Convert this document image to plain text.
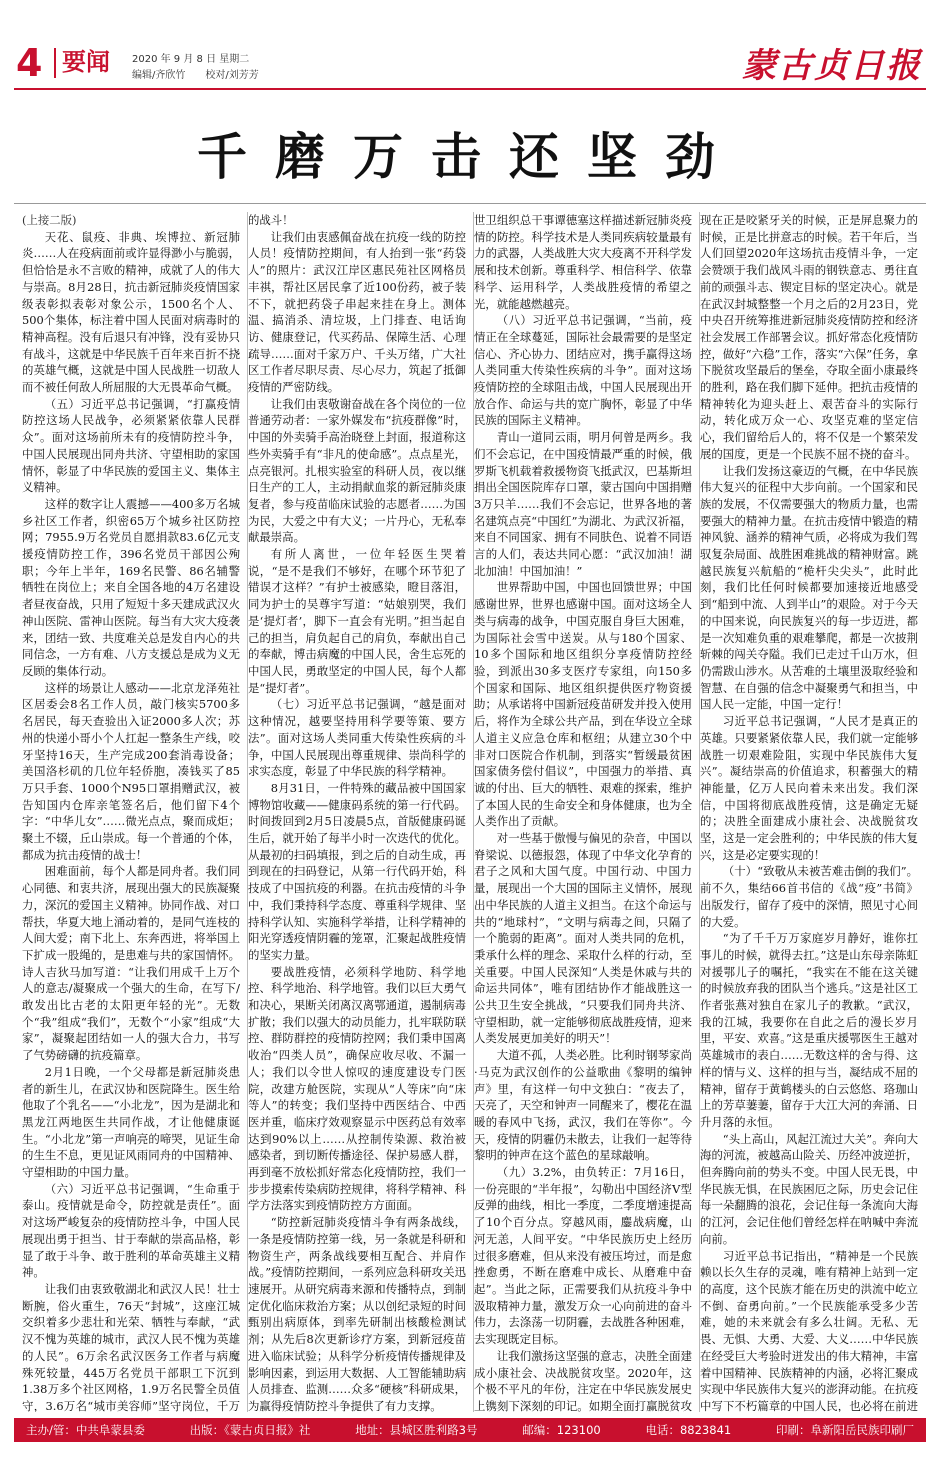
4 要闻 2020 年 9 月 8 日 星期二
编辑/齐欣竹　　校对/刘芳芳	蒙古贞日报
千磨万击还坚劲

(上接二版)

天花、鼠疫、非典、埃博拉、新冠肺炎……人在疫病面前或许显得渺小与脆弱，但恰恰是永不言败的精神，成就了人的伟大与崇高。8月28日，抗击新冠肺炎疫情国家级表彰拟表彰对象公示，1500名个人、500个集体，标注着中国人民面对病毒时的精神高程。没有后退只有冲锋，没有妥协只有战斗，这就是中华民族千百年来百折不挠的英雄气概，这就是中国人民战胜一切敌人而不被任何敌人所屈服的大无畏革命气概。

（五）习近平总书记强调，“打赢疫情防控这场人民战争，必须紧紧依靠人民群众”。面对这场前所未有的疫情防控斗争，中国人民展现出同舟共济、守望相助的家国情怀，彰显了中华民族的爱国主义、集体主义精神。

这样的数字让人震撼——400多万名城乡社区工作者，织密65万个城乡社区防控网；7955.9万名党员自愿捐款83.6亿元支援疫情防控工作，396名党员干部因公殉职；今年上半年，169名民警、86名辅警牺牲在岗位上；来自全国各地的4万名建设者昼夜奋战，只用了短短十多天建成武汉火神山医院、雷神山医院。每当有大灾大疫袭来，团结一致、共度难关总是发自内心的共同信念，一方有难、八方支援总是成为义无反顾的集体行动。

这样的场景让人感动——北京龙泽苑社区居委会8名工作人员，敲门核实5700多名居民，每天查验出入证2000多人次；苏州的快递小哥小个人扛起一整条生产线，咬牙坚持16天，生产完成200套消毒设备；美国洛杉矶的几位年轻侨胞，凑钱买了85万只手套、1000个N95口罩捐赠武汉，被告知国内仓库亲笔签名后，他们留下4个字：“中华儿女”……微光点点，聚而成炬；聚土不辍，丘山崇成。每一个普通的个体，都成为抗击疫情的战士！

困难面前，每个人都是同舟者。我们同心同德、和衷共济，展现出强大的民族凝聚力，深沉的爱国主义精神。协同作战、对口帮扶，华夏大地上涌动着的，是同气连枝的人间大爱；南下北上、东奔西进，将举国上下扩成一股绳的，是患难与共的家国情怀。诗人吉狄马加写道：“让我们用成千上万个人的意志/凝聚成一个强大的生命，在写下/敢发出比古老的太阳更年轻的光”。无数个“我”组成“我们”，无数个“小家”组成“大家”，凝聚起团结如一人的强大合力，书写了气势磅礴的抗疫篇章。

2月1日晚，一个父母都是新冠肺炎患者的新生儿，在武汉协和医院降生。医生给他取了个乳名——“小北龙”，因为是湖北和黑龙江两地医生共同作战，才让他健康诞生。“小北龙”第一声响亮的啼哭，见证生命的生生不息，更见证风雨同舟的中国精神、守望相助的中国力量。

（六）习近平总书记强调，“生命重于泰山。疫情就是命令，防控就是责任”。面对这场严峻复杂的疫情防控斗争，中国人民展现出勇于担当、甘于奉献的崇高品格，彰显了敢于斗争、敢于胜利的革命英雄主义精神。

让我们由衷致敬湖北和武汉人民！壮士断腕，俗火重生，76天“封城”，这座江城交织着多少悲壮和光荣、牺牲与奉献，“武汉不愧为英雄的城市，武汉人民不愧为英雄的人民”。6万余名武汉医务工作者与病魔殊死较量，445万名党员干部职工下沉到1.38万多个社区网格，1.9万名民警全员值守，3.6万名“城市美容师”坚守岗位，千万

的战斗！

让我们由衷感佩奋战在抗疫一线的防控人员！疫情防控期间，有人抬到一张“药袋人”的照片：武汉江岸区惠民苑社区网格员丰祺，帮社区居民拿了近100份药，被子装不下，就把药袋子串起来挂在身上。测体温、搞消杀、清垃圾，上门排查、电话询访、健康登记，代买药品、保障生活、心理疏导……面对千家万户、千头万绪，广大社区工作者尽职尽责、尽心尽力，筑起了抵御疫情的严密防线。

让我们由衷敬谢奋战在各个岗位的一位普通劳动者：一家外媒发布“抗疫群像”时，中国的外卖骑手高治晓登上封面，报道称这些外卖骑手有“非凡的使命感”。点点星光，点亮银河。扎根实验室的科研人员，夜以继日生产的工人，主动捐献血浆的新冠肺炎康复者，参与疫苗临床试验的志愿者……为国为民，大爱之中有大义；一片丹心，无私奉献最崇高。

有所人离世，一位年轻医生哭着说，“是不是我们不够好，在哪个环节犯了错误才这样？”有护士被感染，瞪目落泪，同为护士的吴尊宇写道：“姑娘别哭，我们是‘提灯者’，脚下一直会有光明。”担当起自己的担当，肩负起自己的肩负，奉献出自己的奉献，博击病魔的中国人民，舍生忘死的中国人民，勇敢坚定的中国人民，每个人都是“提灯者”。

（七）习近平总书记强调，“越是面对这种情况，越要坚持用科学要等策、要方法”。面对这场人类同重大传染性疾病的斗争，中国人民展现出尊重规律、崇尚科学的求实态度，彰显了中华民族的科学精神。

8月31日，一件特殊的藏品被中国国家博物馆收藏——健康码系统的第一行代码。时间拨回到2月5日凌晨5点，首版健康码诞生后，就开始了每半小时一次迭代的优化。从最初的扫码填报，到之后的自动生成，再到现在的扫码登记，从第一行代码开始，科技成了中国抗疫的利器。在抗击疫情的斗争中，我们秉持科学态度、尊重科学规律、坚持科学认知、实施科学举措，让科学精神的阳光穿透疫情阴霾的笼罩，汇聚起战胜疫情的坚实力量。

要战胜疫情，必须科学地防、科学地控、科学地治、科学地管。我们以巨大勇气和决心，果断关闭离汉离鄂通道，遏制病毒扩散；我们以强大的动员能力，扎牢联防联控、群防群控的疫情防控网；我们秉申国离收治“四类人员”，确保应收尽收、不漏一人；我们以令世人惊叹的速度建设专门医院，改建方舱医院，实现从“人等床”向“床等人”的转变；我们坚持中西医结合、中西医并重，临床疗效观察显示中医药总有效率达到90%以上……从控制传染源、救治被感染者，到切断传播途径、保护易感人群，再到毫不放松抓好常态化疫情防控，我们一步步摸索传染病防控规律，将科学精神、科学方法落实到疫情防控方方面面。

“防控新冠肺炎疫情斗争有两条战线，一条是疫情防控第一线，另一条就是科研和物资生产，两条战线要相互配合、并肩作战。”疫情防控期间，一系列应急科研攻关迅速展开。从研究病毒来源和传播特点，到制定优化临床救治方案；从以创纪录短的时间甄别出病原体，到率先研制出核酸检测试剂；从先后8次更新诊疗方案，到新冠疫苗进入临床试验；从科学分析疫情传播规律及影响因素，到运用大数据、人工智能辅助病人员排查、监测……众多“硬核”科研成果，为赢得疫情防控斗争提供了有力支撑。

世卫组织总干事谭德塞这样描述新冠肺炎疫情的防控。科学技术是人类同疾病较量最有力的武器，人类战胜大灾大疫离不开科学发展和技术创新。尊重科学、相信科学、依靠科学、运用科学，人类战胜疫情的希望之光，就能越燃越亮。

（八）习近平总书记强调，“当前，疫情正在全球蔓延，国际社会最需要的是坚定信心、齐心协力、团结应对，携手赢得这场人类同重大传染性疾病的斗争”。面对这场疫情防控的全球阻击战，中国人民展现出开放合作、命运与共的宽广胸怀，彰显了中华民族的国际主义精神。

青山一道同云雨，明月何曾是两乡。我们不会忘记，在中国疫情最严重的时候，俄罗斯飞机载着救援物资飞抵武汉，巴基斯坦捐出全国医院库存口罩，蒙古国向中国捐赠3万只羊……我们不会忘记，世界各地的著名建筑点亮“中国红”为湖北、为武汉祈福，来自不同国家、拥有不同肤色、说着不同语言的人们，表达共同心愿：“武汉加油！湖北加油！中国加油！”

世界帮助中国，中国也回馈世界；中国感谢世界，世界也感谢中国。面对这场全人类与病毒的战争，中国克服自身巨大困难，为国际社会雪中送炭。从与180个国家、10多个国际和地区组织分享疫情防控经验，到派出30多支医疗专家组，向150多个国家和国际、地区组织提供医疗物资援助；从承诺将中国新冠疫苗研发并投入使用后，将作为全球公共产品，到在华设立全球人道主义应急仓库和枢纽；从建立30个中非对口医院合作机制，到落实“暂缓最贫困国家债务偿付倡议”，中国强力的举措、真诚的付出、巨大的牺牲、艰难的探索，维护了本国人民的生命安全和身体健康，也为全人类作出了贡献。

对一些基于傲慢与偏见的杂音，中国以脊梁说、以德报怨，体现了中华文化孕育的君子之风和大国气度。中国行动、中国力量，展现出一个大国的国际主义情怀，展现出中华民族的人道主义担当。在这个命运与共的“地球村”，“文明与病毒之间，只隔了一个脆弱的距离”。面对人类共同的危机，秉承什么样的理念、采取什么样的行动，至关重要。中国人民深知“人类是休戚与共的命运共同体”，唯有团结协作才能战胜这一公共卫生安全挑战，“只要我们同舟共济、守望相助，就一定能够彻底战胜疫情，迎来人类发展更加美好的明天”！

大道不孤，人类必胜。比利时钢琴家尚·马克为武汉创作的公益歌曲《黎明的编钟声》里，有这样一句中文独白：“夜去了，天亮了，天空和钟声一同醒来了，樱花在温暖的春风中飞扬，武汉，我们在等你”。今天，疫情的阴霾仍未散去，让我们一起等待黎明的钟声在这个蓝色的星球敲响。

（九）3.2%，由负转正：7月16日，一份亮眼的“半年报”，勾勒出中国经济V型反弹的曲线，相比一季度，二季度增速提高了10个百分点。穿越风雨，鏖战病魔，山河无恙，人间平安。“中华民族历史上经历过很多磨难，但从来没有被压垮过，而是愈挫愈勇，不断在磨难中成长、从磨难中奋起”。当此之际，正需要我们从抗疫斗争中汲取精神力量，激发万众一心向前进的奋斗伟力，去涤荡一切阴霾，去战胜各种困难，去实现既定目标。

让我们激扬这坚强的意志，决胜全面建成小康社会、决战脱贫攻坚。2020年，这个极不平凡的年份，注定在中华民族发展史上镌刻下深刻的印记。如期全面打赢脱贫攻

现在正是咬紧牙关的时候，正是屏息聚力的时候，正是比拼意志的时候。若干年后，当人们回望2020年这场抗击疫情斗争，一定会赞颂于我们战风斗雨的钢铁意志、勇往直前的顽强斗志、锲定目标的坚定决心。就是在武汉封城整整一个月之后的2月23日，党中央召开统筹推进新冠肺炎疫情防控和经济社会发展工作部署会议。抓好常态化疫情防控，做好“六稳”工作，落实“六保”任务，拿下脱贫攻坚最后的堡垒，夺取全面小康最终的胜利，路在我们脚下延伸。把抗击疫情的精神转化为迎头赶上、艰苦奋斗的实际行动，转化成万众一心、攻坚克难的坚定信心，我们留给后人的，将不仅是一个繁荣发展的国度，更是一个民族不屈不挠的奋斗。

让我们发扬这豪迈的气概，在中华民族伟大复兴的征程中大步向前。一个国家和民族的发展，不仅需要强大的物质力量，也需要强大的精神力量。在抗击疫情中锻造的精神风貌、涵养的精神气质，必将成为我们驾驭复杂局面、战胜困难挑战的精神财富。跳越民族复兴航船的“桅杆尖尖头”，此时此刻，我们比任何时候都要加速接近地感受到“船到中流、人到半山”的艰险。对于今天的中国来说，向民族复兴的每一步迈进，都是一次知难负重的艰难攀爬，都是一次披荆斩棘的闯关夺隘。我们已走过千山万水，但仍需跋山涉水。从苦难的土壤里汲取经验和智慧、在自强的信念中凝聚勇气和担当，中国人民一定能，中国一定行！

习近平总书记强调，“人民才是真正的英雄。只要紧紧依靠人民，我们就一定能够战胜一切艰难险阻，实现中华民族伟大复兴”。凝结崇高的价值追求，积蓄强大的精神能量，亿万人民向着未来出发。我们深信，中国将彻底战胜疫情，这是确定无疑的；决胜全面建成小康社会、决战脱贫攻坚，这是一定会胜利的；中华民族的伟大复兴，这是必定要实现的！

（十）“致敬从未被苦难击倒的我们”。前不久，集结66首书信的《战“疫”书简》出版发行，留存了疫中的深情，照见寸心间的大爱。

“为了千千万万家庭岁月静好，谁你扛事儿的时候，就得去扛。”这是山东母亲陈虹对援鄂儿子的嘱托，“我实在不能在这关键的时候放弃我的团队当个逃兵。”这是社区工作者张燕对独自在家儿子的教歉。“武汉，我的江城，我要你在自此之后的漫长岁月里，平安、欢喜。”这是重庆援鄂医生王越对英雄城市的表白……无数这样的舍与得、这样的情与义、这样的担与当，凝结成不屈的精神，留存于黄鹤楼头的白云悠悠、珞珈山上的芳草萋萋，留存于大江大河的奔涌、日升月落的永恒。

“头上高山，风起江流过大关”。奔向大海的河流，被越高山险关、历经冲波逆折，但奔腾向前的势头不变。中国人民无畏，中华民族无惧，在民族困厄之际，历史会记住每一朵翻腾的浪花，会记住每一条流向大海的江河，会记住他们曾经怎样在呐喊中奔流向前。

习近平总书记指出，“精神是一个民族赖以长久生存的灵魂，唯有精神上站到一定的高度，这个民族才能在历史的洪流中屹立不倒、奋勇向前。”一个民族能承受多少苦难，她的未来就会有多么壮阔。无私、无畏、无惧、大勇、大爱、大义……中华民族在经受巨大考验时迸发出的伟大精神，丰富着中国精神、民族精神的内涵，必将汇聚成实现中华民族伟大复兴的澎湃动能。在抗疫中写下不朽篇章的中国人民，也必将在前进

主办/管：中共阜蒙县委	出版：《蒙古贞日报》社	地址：县城区胜利路3号	邮编：123100	电话：8823841	印刷：阜新阳岳民族印刷厂
